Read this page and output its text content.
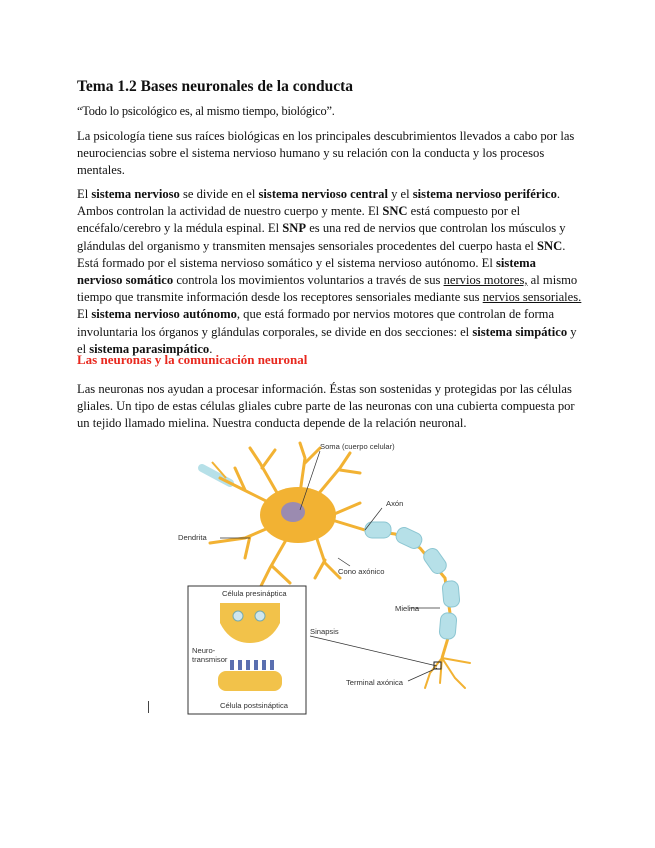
Tema 1.2 Bases neuronales de la conducta

“Todo lo psicológico es, al mismo tiempo, biológico”.

La psicología tiene sus raíces biológicas en los principales descubrimientos llevados a cabo por las neurociencias sobre el sistema nervioso humano y su relación con la conducta y los procesos mentales.

El sistema nervioso se divide en el sistema nervioso central y el sistema nervioso periférico. Ambos controlan la actividad de nuestro cuerpo y mente. El SNC está compuesto por el encéfalo/cerebro y la médula espinal. El SNP es una red de nervios que controlan los músculos y glándulas del organismo y transmiten mensajes sensoriales procedentes del cuerpo hasta el SNC. Está formado por el sistema nervioso somático y el sistema nervioso autónomo. El sistema nervioso somático controla los movimientos voluntarios a través de sus nervios motores, al mismo tiempo que transmite información desde los receptores sensoriales mediante sus nervios sensoriales. El sistema nervioso autónomo, que está formado por nervios motores que controlan de forma involuntaria los órganos y glándulas corporales, se divide en dos secciones: el sistema simpático y el sistema parasimpático.

Las neuronas y la comunicación neuronal

Las neuronas nos ayudan a procesar información. Éstas son sostenidas y protegidas por las células gliales. Un tipo de estas células gliales cubre parte de las neuronas con una cubierta compuesta por un tejido llamado mielina. Nuestra conducta depende de la relación neuronal.

Soma (cuerpo celular)
Axón
Dendrita
Cono axónico
Mielina
Sinapsis
Célula presináptica
Neuro-
transmisor
Terminal axónica
Célula postsináptica
